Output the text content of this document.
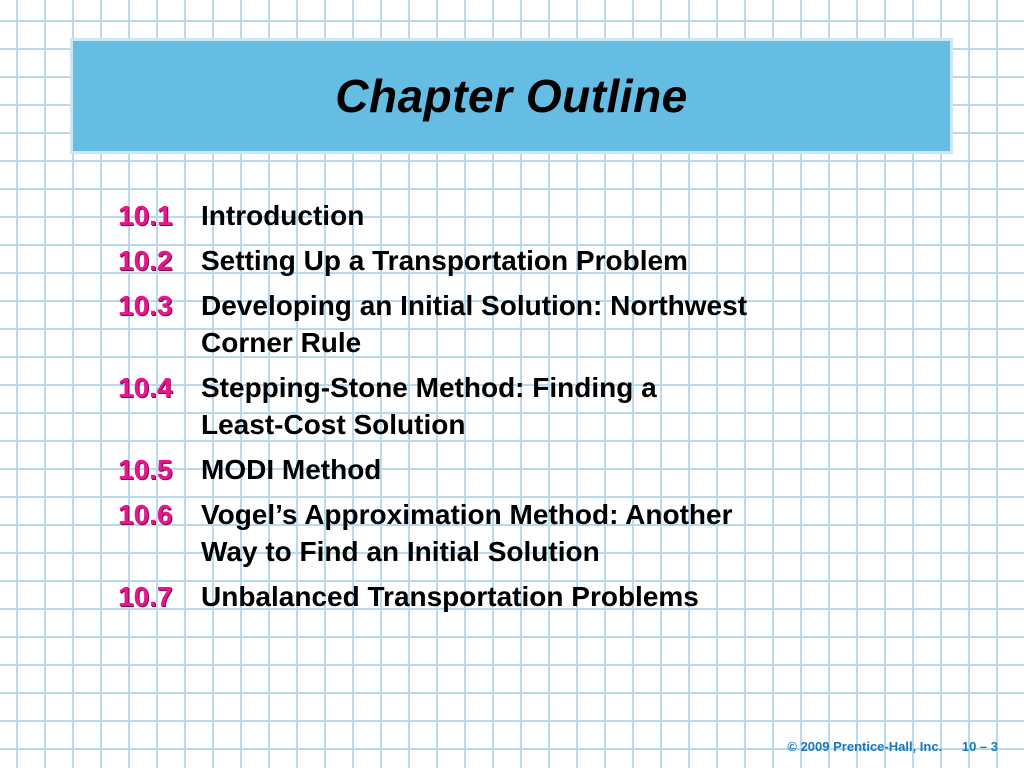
Chapter Outline
10.1	Introduction
10.2	Setting Up a Transportation Problem
10.3	Developing an Initial Solution: Northwest
Corner Rule
10.4	Stepping-Stone Method: Finding a
Least-Cost Solution
10.5	MODI Method
10.6	Vogel’s Approximation Method: Another
Way to Find an Initial Solution
10.7	Unbalanced Transportation Problems
© 2009 Prentice-Hall, Inc. 10 – 3
